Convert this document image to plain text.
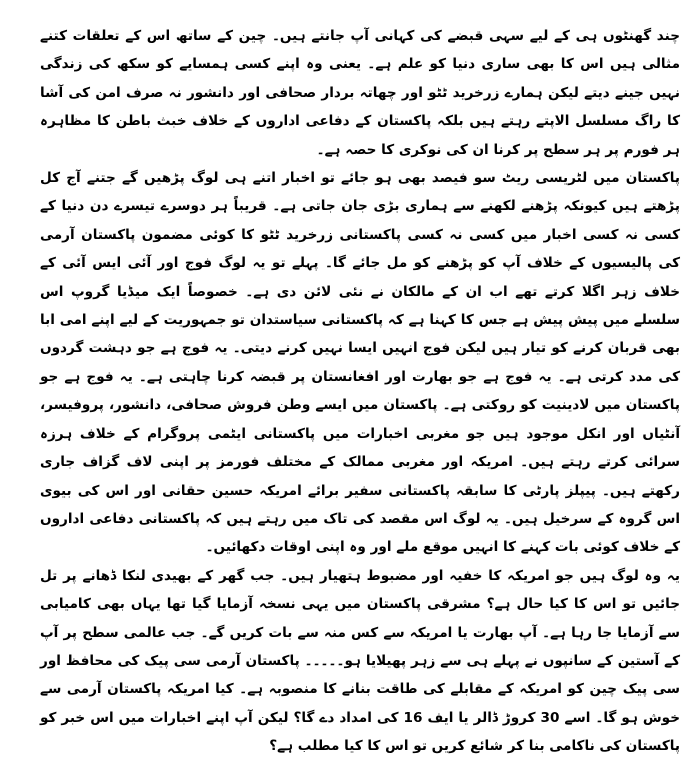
چند گھنٹوں ہی کے لیے سہی قبضے کی کہانی آپ جانتے ہیں۔ چین کے ساتھ اس کے تعلقات کتنے مثالی ہیں اس کا بھی ساری دنیا کو علم ہے۔ یعنی وہ اپنے کسی ہمسایے کو سکھ کی زندگی نہیں جینے دیتے لیکن ہمارے زرخرید ٹٹو اور چھاتہ بردار صحافی اور دانشور نہ صرف امن کی آشا کا راگ مسلسل الاپتے رہتے ہیں بلکہ پاکستان کے دفاعی اداروں کے خلاف خبث باطن کا مظاہرہ ہر فورم پر ہر سطح پر کرنا ان کی نوکری کا حصہ ہے۔

پاکستان میں لٹریسی ریٹ سو فیصد بھی ہو جائے تو اخبار اتنے ہی لوگ پڑھیں گے جتنے آج کل پڑھتے ہیں کیونکہ پڑھنے لکھنے سے ہماری بڑی جان جاتی ہے۔ قریباً ہر دوسرے تیسرے دن دنیا کے کسی نہ کسی اخبار میں کسی نہ کسی پاکستانی زرخرید ٹٹو کا کوئی مضمون پاکستان آرمی کی پالیسیوں کے خلاف آپ کو پڑھنے کو مل جائے گا۔ پہلے تو یہ لوگ فوج اور آئی ایس آئی کے خلاف زہر اگلا کرتے تھے اب ان کے مالکان نے نئی لائن دی ہے۔ خصوصاً ایک میڈیا گروپ اس سلسلے میں پیش پیش ہے جس کا کہنا ہے کہ پاکستانی سیاستدان تو جمہوریت کے لیے اپنے امی ابا بھی قربان کرنے کو تیار ہیں لیکن فوج انہیں ایسا نہیں کرنے دیتی۔ یہ فوج ہے جو دہشت گردوں کی مدد کرتی ہے۔ یہ فوج ہے جو بھارت اور افغانستان پر قبضہ کرنا چاہتی ہے۔ یہ فوج ہے جو پاکستان میں لادینیت کو روکتی ہے۔ پاکستان میں ایسے وطن فروش صحافی، دانشور، پروفیسر، آنٹیاں اور انکل موجود ہیں جو مغربی اخبارات میں پاکستانی ایٹمی پروگرام کے خلاف ہرزہ سرائی کرتے رہتے ہیں۔ امریکہ اور مغربی ممالک کے مختلف فورمز پر اپنی لاف گزاف جاری رکھتے ہیں۔ پیپلز پارٹی کا سابقہ پاکستانی سفیر برائے امریکہ حسین حقانی اور اس کی بیوی اس گروہ کے سرخیل ہیں۔ یہ لوگ اس مقصد کی تاک میں رہتے ہیں کہ پاکستانی دفاعی اداروں کے خلاف کوئی بات کہنے کا انہیں موقع ملے اور وہ اپنی اوقات دکھائیں۔

یہ وہ لوگ ہیں جو امریکہ کا خفیہ اور مضبوط ہتھیار ہیں۔ جب گھر کے بھیدی لنکا ڈھانے پر تل جائیں تو اس کا کیا حال ہے؟ مشرقی پاکستان میں یہی نسخہ آزمایا گیا تھا یہاں بھی کامیابی سے آزمایا جا رہا ہے۔ آپ بھارت یا امریکہ سے کس منہ سے بات کریں گے۔ جب عالمی سطح پر آپ کے آستین کے سانپوں نے پہلے ہی سے زہر پھیلایا ہو۔۔۔۔۔ پاکستان آرمی سی پیک کی محافظ اور سی پیک چین کو امریکہ کے مقابلے کی طاقت بنانے کا منصوبہ ہے۔ کیا امریکہ پاکستان آرمی سے خوش ہو گا۔ اسے 30 کروڑ ڈالر یا ایف 16 کی امداد دے گا؟ لیکن آپ اپنے اخبارات میں اس خبر کو پاکستان کی ناکامی بنا کر شائع کریں تو اس کا کیا مطلب ہے؟
